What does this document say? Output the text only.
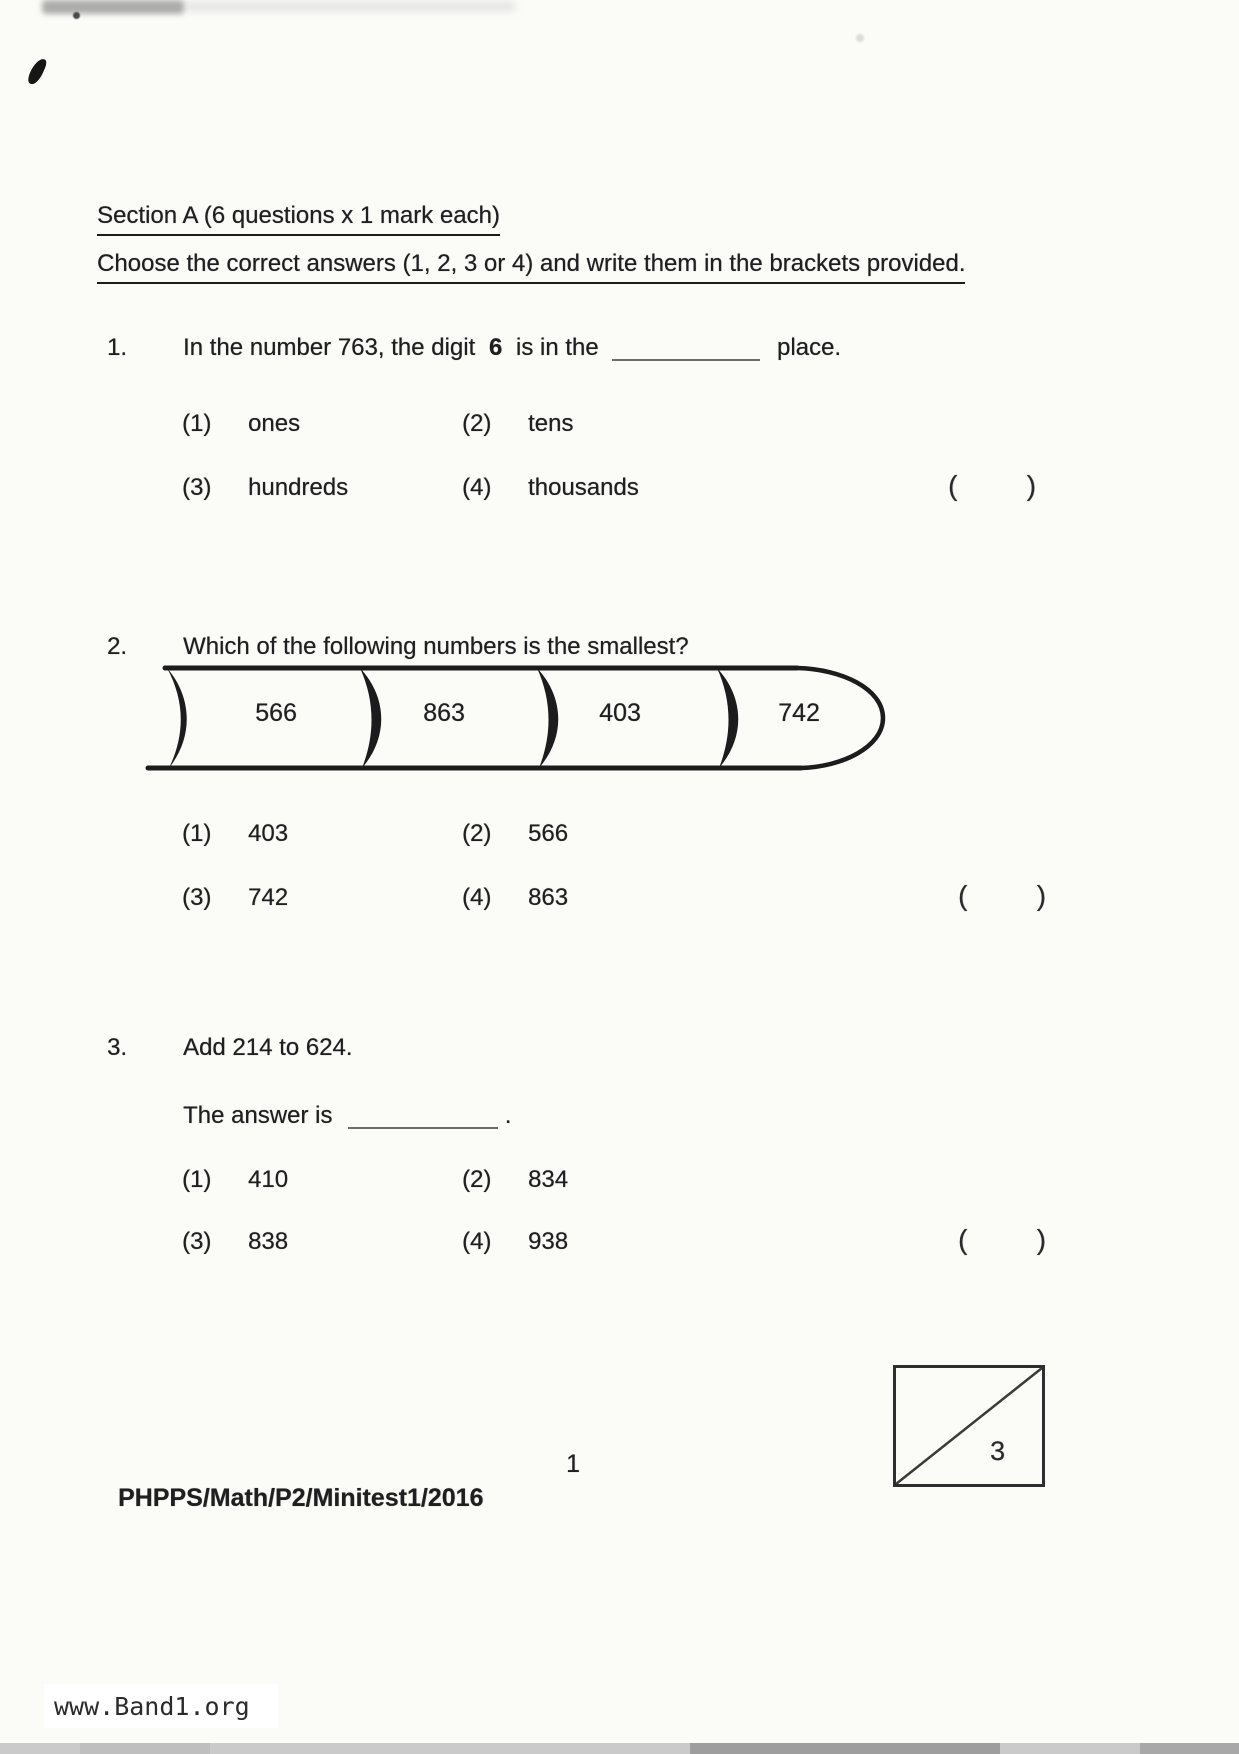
Section A (6 questions x 1 mark each)
Choose the correct answers (1, 2, 3 or 4) and write them in the brackets provided.
1. In the number 763, the digit 6 is in the	place.
(1) ones	(2) tens
(3) hundreds	(4) thousands	( )
2. Which of the following numbers is the smallest?
566	863	403	742
(1) 403	(2) 566
(3) 742	(4) 863	( )
3. Add 214 to 624.
The answer is	.
(1) 410	(2) 834
(3) 838	(4) 938	( )
3
1
PHPPS/Math/P2/Minitest1/2016
www.Band1.org
